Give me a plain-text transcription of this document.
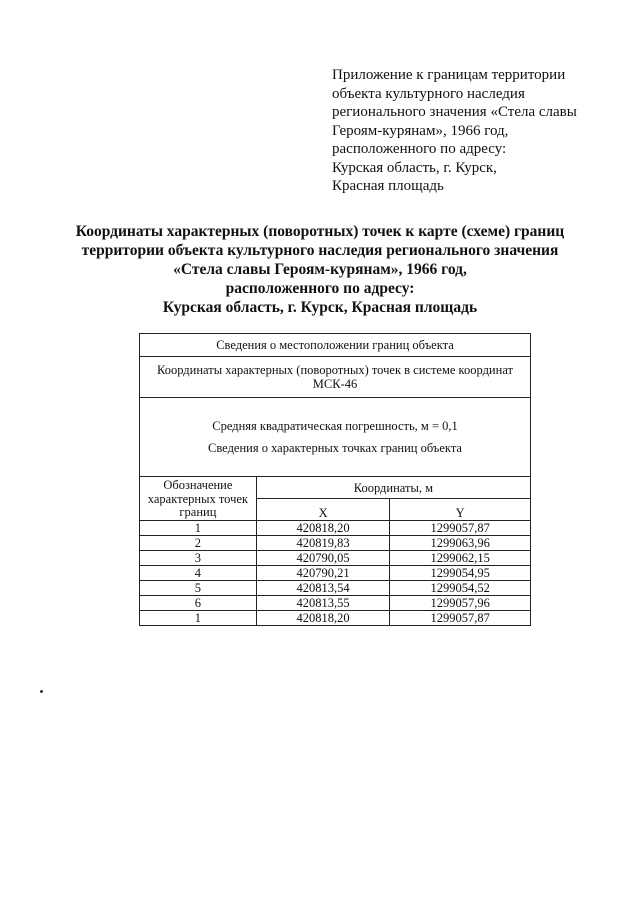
Приложение к границам территории
объекта культурного наследия
регионального значения «Стела славы
Героям-курянам», 1966 год,
расположенного по адресу:
Курская область, г. Курск,
Красная площадь
Координаты характерных (поворотных) точек к карте (схеме) границ
территории объекта культурного наследия регионального значения
«Стела славы Героям-курянам», 1966 год,
расположенного по адресу:
Курская область, г. Курск, Красная площадь
Сведения о местоположении границ объекта		
Координаты характерных (поворотных) точек в системе координат МСК-46		

Средняя квадратическая погрешность, м = 0,1
Сведения о характерных точках границ объекта		

Обозначение характерных точек границ	Координаты, м	
	X	Y
1	420818,20	1299057,87
2	420819,83	1299063,96
3	420790,05	1299062,15
4	420790,21	1299054,95
5	420813,54	1299054,52
6	420813,55	1299057,96
1	420818,20	1299057,87
